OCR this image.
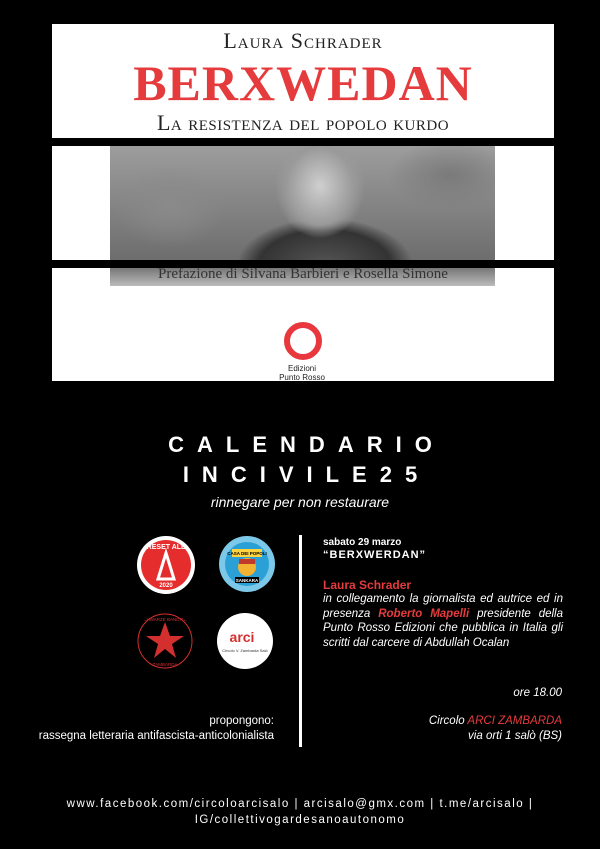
Laura Schrader
BERXWEDAN
La resistenza del popolo kurdo
Prefazione di Silvana Barbieri e Rosella Simone
Edizioni
Punto Rosso
CALENDARIO
INCIVILE25
rinnegare per non restaurare
RESET ALL
2020
CASA DEI POPOLI
SANKARA
SCHWARZE BANDITEN
ZAMBARDA
arci
Circolo V. Zambarda Salò
sabato 29 marzo
“BERXWERDAN”
Laura Schrader
in collegamento la giornalista ed autrice ed in presenza Roberto Mapelli presidente della Punto Rosso Edizioni che pubblica in Italia gli scritti dal carcere di Abdullah Ocalan
ore 18.00
Circolo ARCI ZAMBARDA
via orti 1 salò (BS)
propongono:
rassegna letteraria antifascista-anticolonialista
www.facebook.com/circoloarcisalo | arcisalo@gmx.com | t.me/arcisalo |
IG/collettivogardesanoautonomo
